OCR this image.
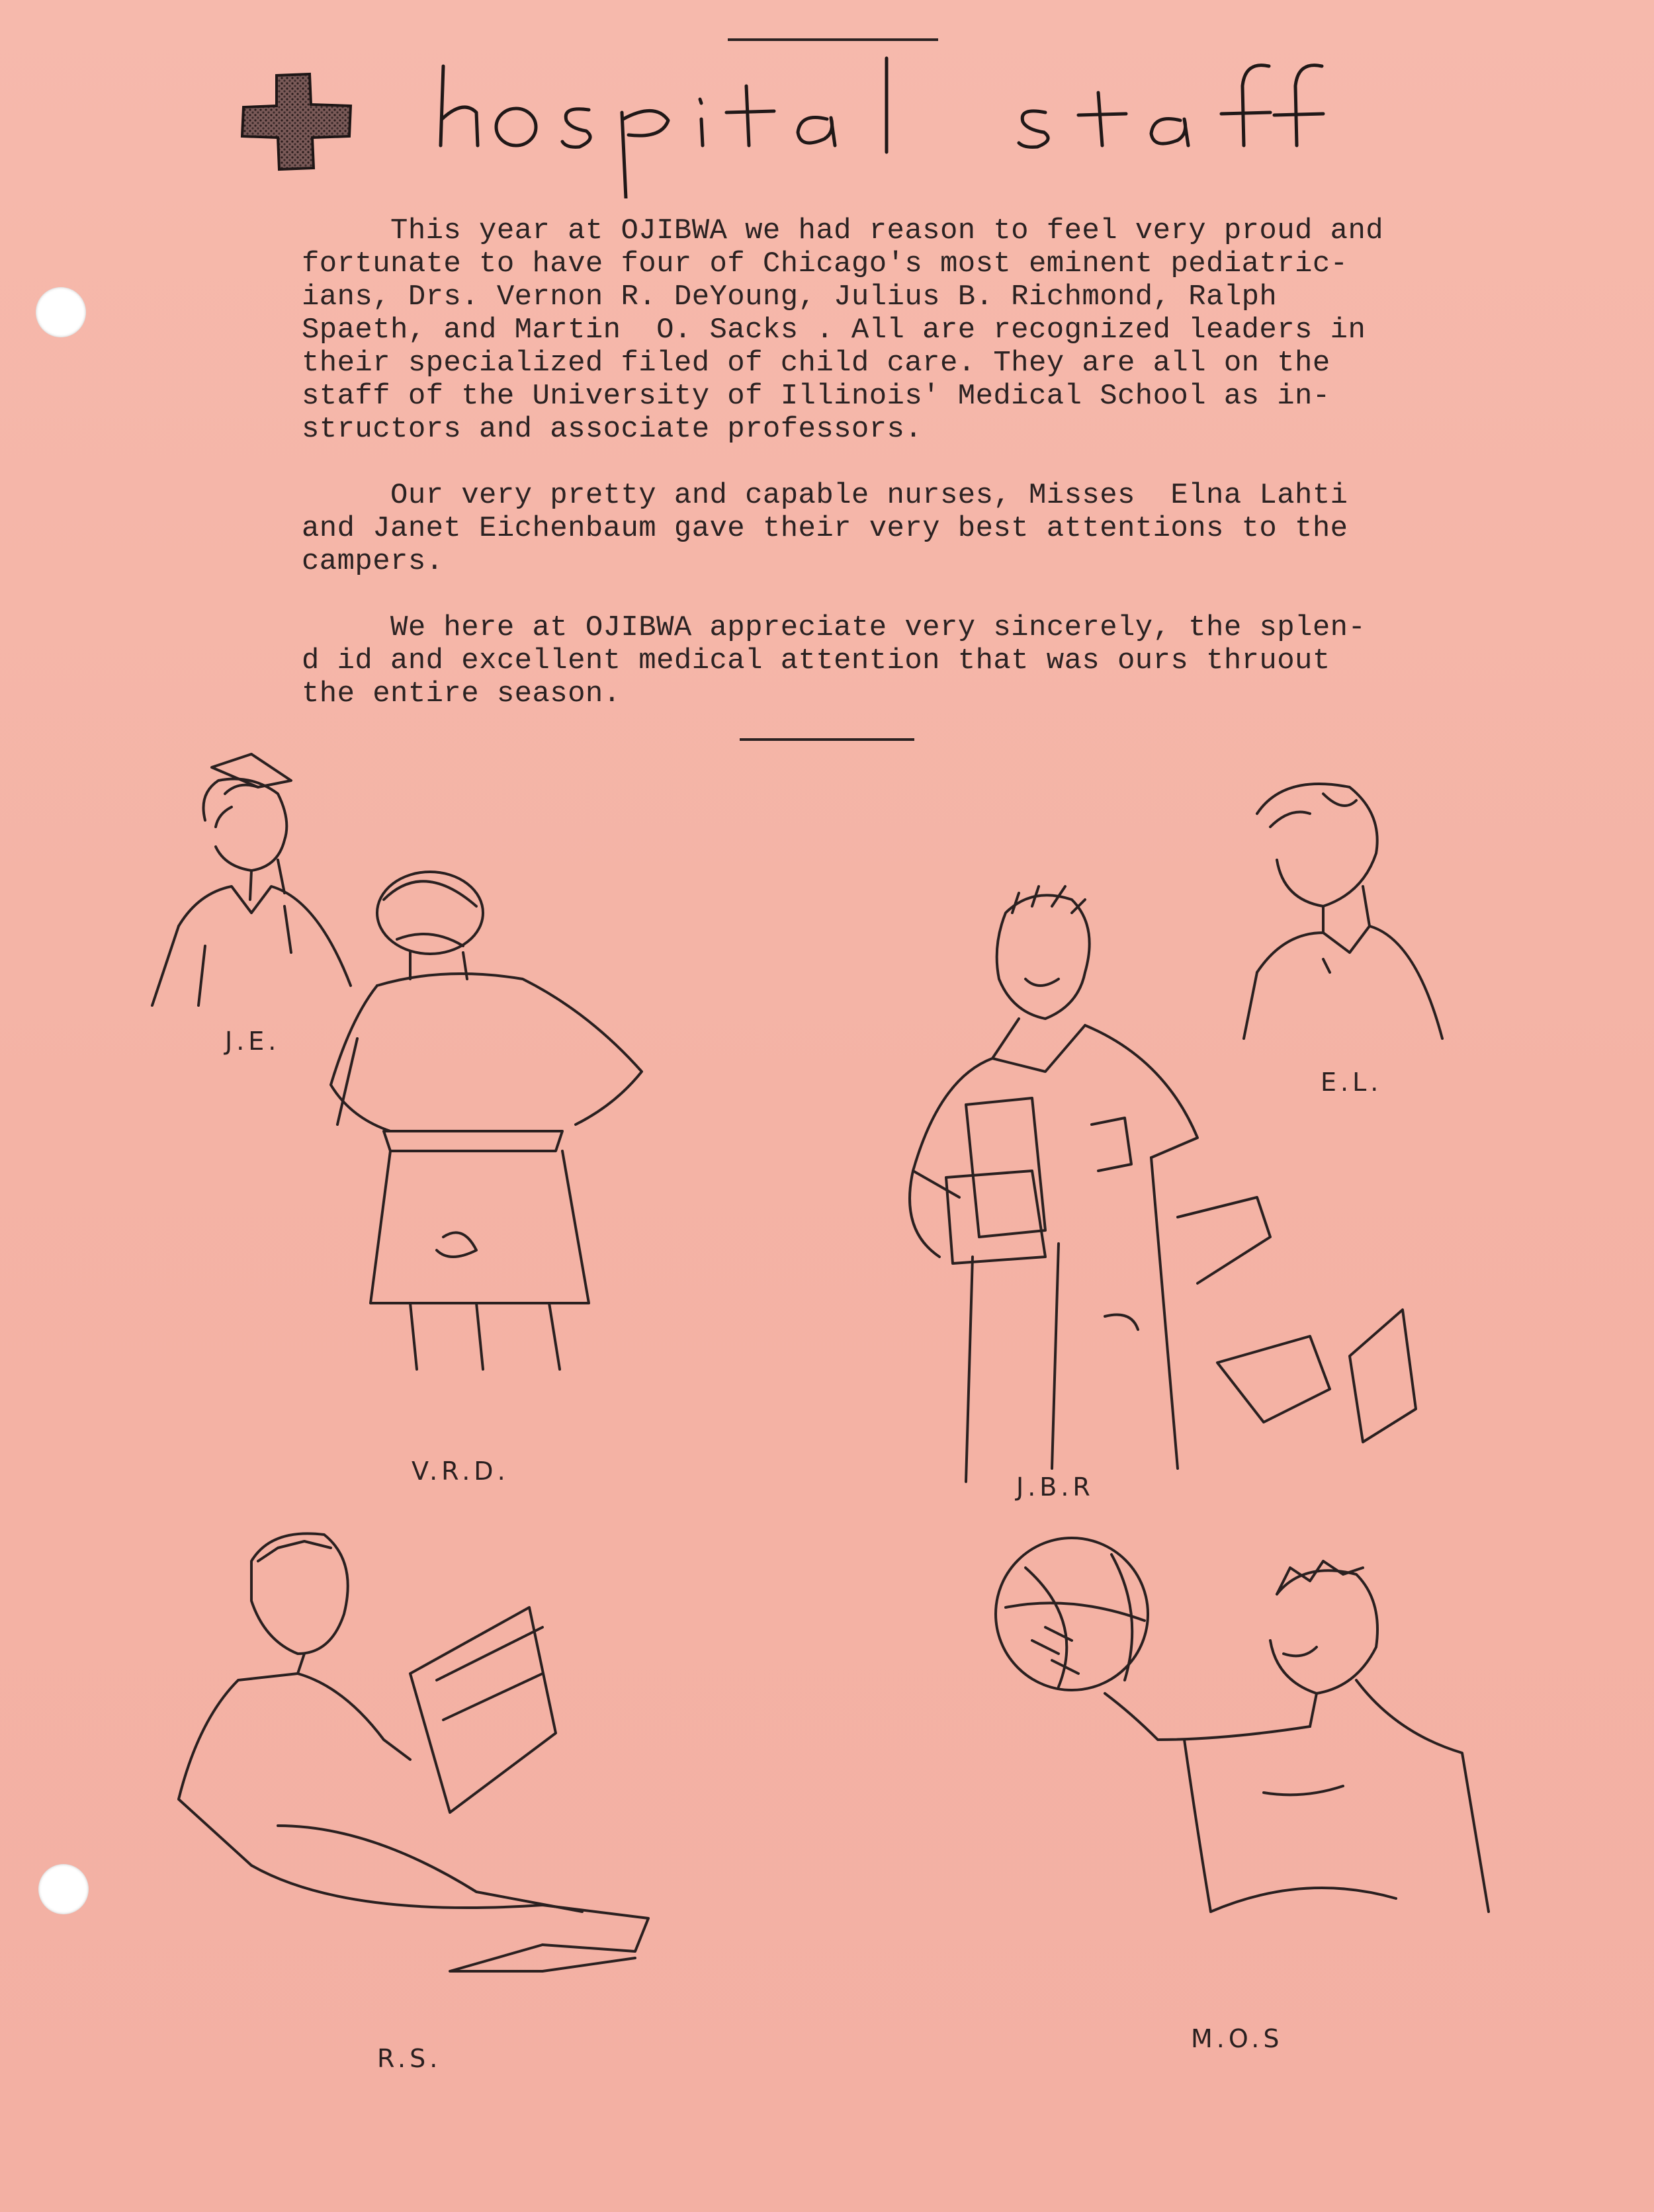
This year at OJIBWA we had reason to feel very proud and
fortunate to have four of Chicago's most eminent pediatric-
ians, Drs. Vernon R. DeYoung, Julius B. Richmond, Ralph
Spaeth, and Martin  O. Sacks . All are recognized leaders in
their specialized filed of child care. They are all on the
staff of the University of Illinois' Medical School as in-
structors and associate professors.

Our very pretty and capable nurses, Misses  Elna Lahti
and Janet Eichenbaum gave their very best attentions to the
campers.

We here at OJIBWA appreciate very sincerely, the splen-
d id and excellent medical attention that was ours thruout
the entire season.

J.E.
V.R.D.
J.B.R
E.L.
R.S.
M.O.S
